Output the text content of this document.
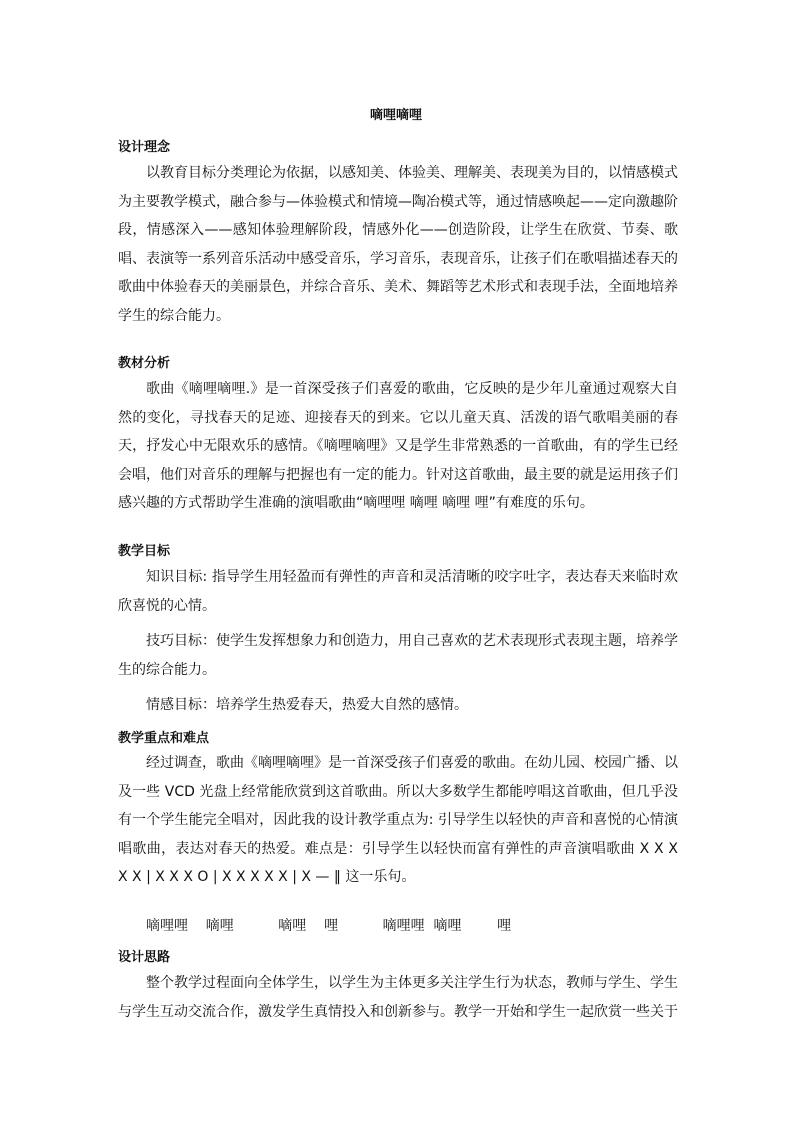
嘀哩嘀哩
设计理念
以教育目标分类理论为依据，以感知美、体验美、理解美、表现美为目的，以情感模式为主要教学模式，融合参与—体验模式和情境—陶冶模式等，通过情感唤起——定向激趣阶段，情感深入——感知体验理解阶段，情感外化——创造阶段，让学生在欣赏、节奏、歌唱、表演等一系列音乐活动中感受音乐，学习音乐，表现音乐，让孩子们在歌唱描述春天的歌曲中体验春天的美丽景色，并综合音乐、美术、舞蹈等艺术形式和表现手法，全面地培养学生的综合能力。
教材分析
歌曲《嘀哩嘀哩.》是一首深受孩子们喜爱的歌曲，它反映的是少年儿童通过观察大自然的变化，寻找春天的足迹、迎接春天的到来。它以儿童天真、活泼的语气歌唱美丽的春天，抒发心中无限欢乐的感情。《嘀哩嘀哩》又是学生非常熟悉的一首歌曲，有的学生已经会唱，他们对音乐的理解与把握也有一定的能力。针对这首歌曲，最主要的就是运用孩子们感兴趣的方式帮助学生准确的演唱歌曲“嘀哩哩 嘀哩 嘀哩 哩”有难度的乐句。
教学目标
知识目标: 指导学生用轻盈而有弹性的声音和灵活清晰的咬字吐字，表达春天来临时欢欣喜悦的心情。
技巧目标：使学生发挥想象力和创造力，用自己喜欢的艺术表现形式表现主题，培养学生的综合能力。
情感目标：培养学生热爱春天，热爱大自然的感情。
教学重点和难点
经过调查，歌曲《嘀哩嘀哩》是一首深受孩子们喜爱的歌曲。在幼儿园、校园广播、以及一些 VCD 光盘上经常能欣赏到这首歌曲。所以大多数学生都能哼唱这首歌曲，但几乎没有一个学生能完全唱对，因此我的设计教学重点为: 引导学生以轻快的声音和喜悦的心情演唱歌曲，表达对春天的热爱。难点是：引导学生以轻快而富有弹性的声音演唱歌曲 X X X X X | X X X O | X X X X X | X — ‖ 这一乐句。
嘀哩哩    嘀哩          嘀哩    哩          嘀哩哩  嘀哩        哩
设计思路
整个教学过程面向全体学生，以学生为主体更多关注学生行为状态，教师与学生、学生与学生互动交流合作，激发学生真情投入和创新参与。教学一开始和学生一起欣赏一些关于
